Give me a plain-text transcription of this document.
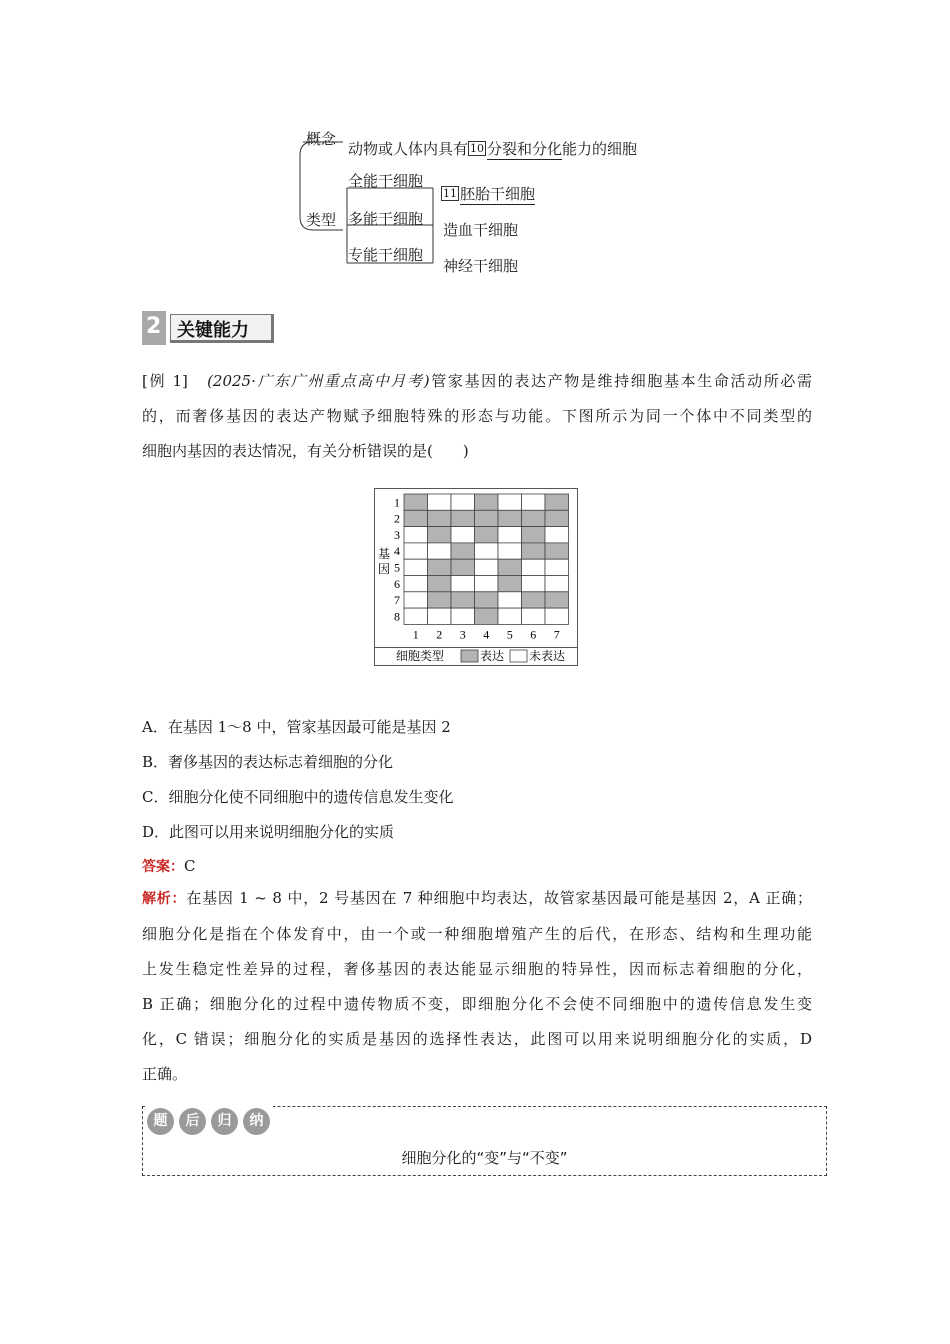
概念
动物或人体内具有 10 分裂和分化能力的细胞
类型
全能干细胞
多能干细胞
专能干细胞
11 胚胎干细胞
造血干细胞
神经干细胞
2 关键能力
[例 1] (2025·广东广州重点高中月考)管家基因的表达产物是维持细胞基本生命活动所必需
的，而奢侈基因的表达产物赋予细胞特殊的形态与功能。下图所示为同一个体中不同类型的
细胞内基因的表达情况，有关分析错误的是(　　)
1
2
3
4
5
6
7
8
1 2 3 4 5 6 7
基
因
细胞类型	表达 未表达
A．在基因 1～8 中，管家基因最可能是基因 2
B．奢侈基因的表达标志着细胞的分化
C．细胞分化使不同细胞中的遗传信息发生变化
D．此图可以用来说明细胞分化的实质
答案：C
解析：在基因 1 ~ 8 中，2 号基因在 7 种细胞中均表达，故管家基因最可能是基因 2，A 正确；
细胞分化是指在个体发育中，由一个或一种细胞增殖产生的后代，在形态、结构和生理功能
上发生稳定性差异的过程，奢侈基因的表达能显示细胞的特异性，因而标志着细胞的分化，
B 正确；细胞分化的过程中遗传物质不变，即细胞分化不会使不同细胞中的遗传信息发生变
化，C 错误；细胞分化的实质是基因的选择性表达，此图可以用来说明细胞分化的实质，D
正确。
题	后	归	纳
细胞分化的“变”与“不变”
